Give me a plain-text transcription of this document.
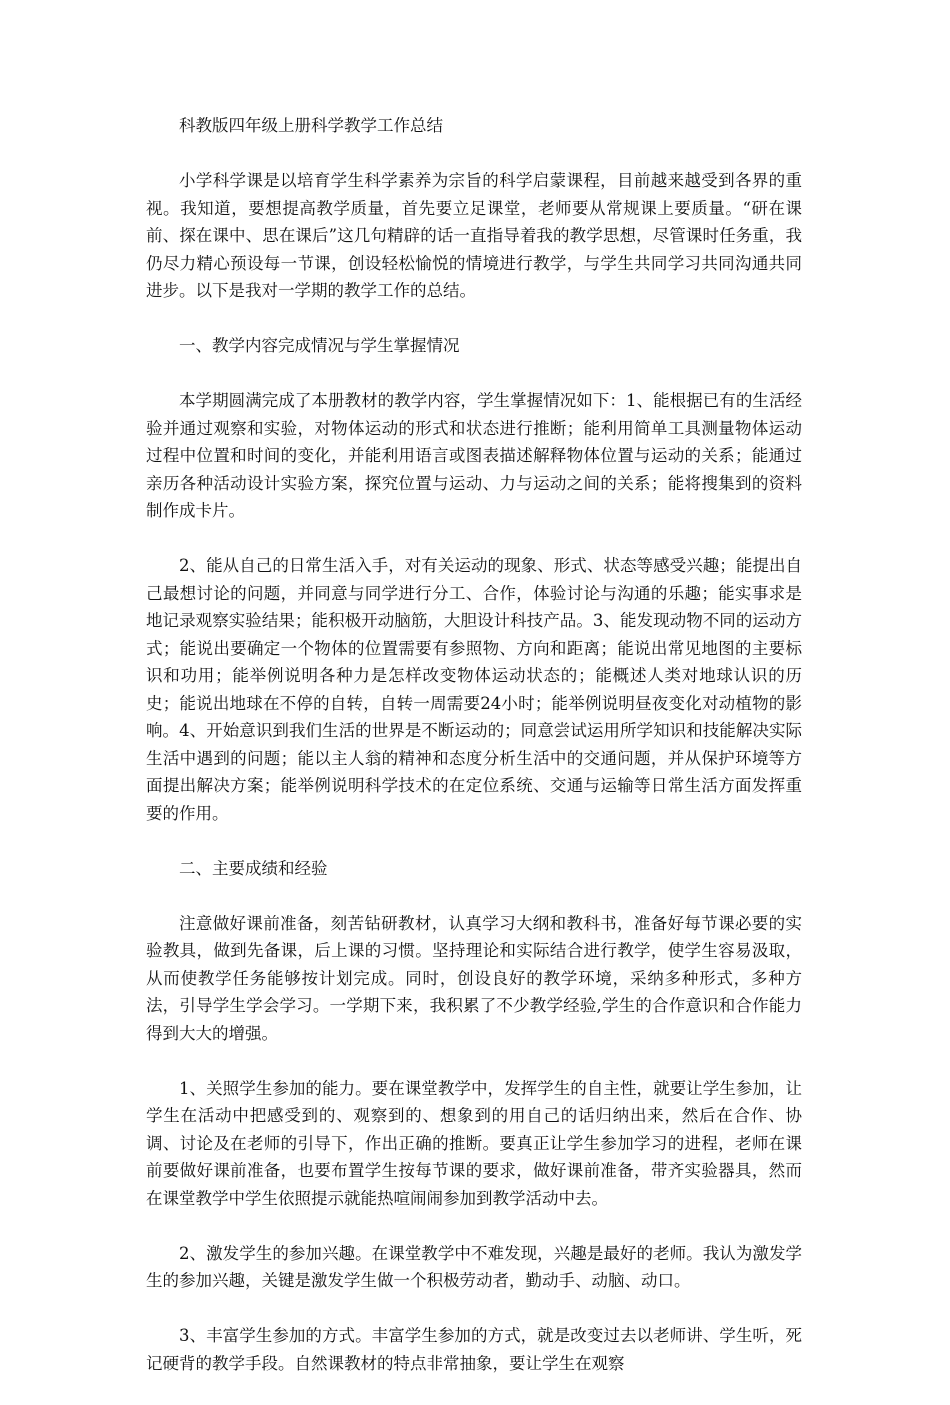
科教版四年级上册科学教学工作总结

小学科学课是以培育学生科学素养为宗旨的科学启蒙课程，目前越来越受到各界的重视。我知道，要想提高教学质量，首先要立足课堂，老师要从常规课上要质量。“研在课前、探在课中、思在课后”这几句精辟的话一直指导着我的教学思想，尽管课时任务重，我仍尽力精心预设每一节课，创设轻松愉悦的情境进行教学，与学生共同学习共同沟通共同进步。以下是我对一学期的教学工作的总结。

一、教学内容完成情况与学生掌握情况

本学期圆满完成了本册教材的教学内容，学生掌握情况如下：1、能根据已有的生活经验并通过观察和实验，对物体运动的形式和状态进行推断；能利用简单工具测量物体运动过程中位置和时间的变化，并能利用语言或图表描述解释物体位置与运动的关系；能通过亲历各种活动设计实验方案，探究位置与运动、力与运动之间的关系；能将搜集到的资料制作成卡片。

2、能从自己的日常生活入手，对有关运动的现象、形式、状态等感受兴趣；能提出自己最想讨论的问题，并同意与同学进行分工、合作，体验讨论与沟通的乐趣；能实事求是地记录观察实验结果；能积极开动脑筋，大胆设计科技产品。3、能发现动物不同的运动方式；能说出要确定一个物体的位置需要有参照物、方向和距离；能说出常见地图的主要标识和功用；能举例说明各种力是怎样改变物体运动状态的；能概述人类对地球认识的历史；能说出地球在不停的自转，自转一周需要24小时；能举例说明昼夜变化对动植物的影响。4、开始意识到我们生活的世界是不断运动的；同意尝试运用所学知识和技能解决实际生活中遇到的问题；能以主人翁的精神和态度分析生活中的交通问题，并从保护环境等方面提出解决方案；能举例说明科学技术的在定位系统、交通与运输等日常生活方面发挥重要的作用。

二、主要成绩和经验

注意做好课前准备，刻苦钻研教材，认真学习大纲和教科书，准备好每节课必要的实验教具，做到先备课，后上课的习惯。坚持理论和实际结合进行教学，使学生容易汲取，从而使教学任务能够按计划完成。同时，创设良好的教学环境，采纳多种形式，多种方法，引导学生学会学习。一学期下来，我积累了不少教学经验,学生的合作意识和合作能力得到大大的增强。

1、关照学生参加的能力。要在课堂教学中，发挥学生的自主性，就要让学生参加，让学生在活动中把感受到的、观察到的、想象到的用自己的话归纳出来，然后在合作、协调、讨论及在老师的引导下，作出正确的推断。要真正让学生参加学习的进程，老师在课前要做好课前准备，也要布置学生按每节课的要求，做好课前准备，带齐实验器具，然而在课堂教学中学生依照提示就能热喧闹闹参加到教学活动中去。

2、激发学生的参加兴趣。在课堂教学中不难发现，兴趣是最好的老师。我认为激发学生的参加兴趣，关键是激发学生做一个积极劳动者，勤动手、动脑、动口。

3、丰富学生参加的方式。丰富学生参加的方式，就是改变过去以老师讲、学生听，死记硬背的教学手段。自然课教材的特点非常抽象，要让学生在观察
